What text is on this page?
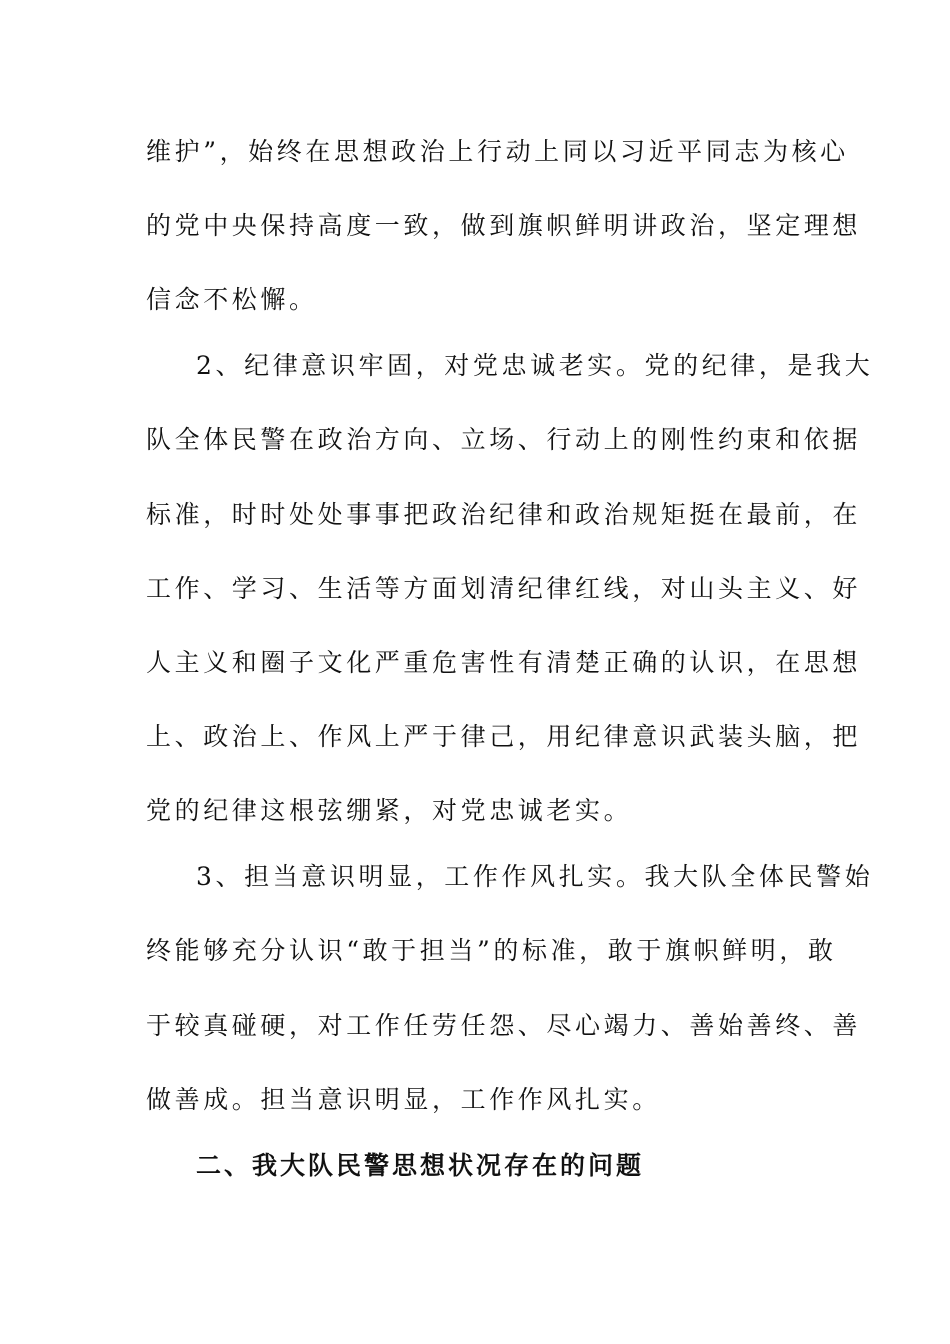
维护”，始终在思想政治上行动上同以习近平同志为核心
的党中央保持高度一致，做到旗帜鲜明讲政治，坚定理想
信念不松懈。
2、纪律意识牢固，对党忠诚老实。党的纪律，是我大
队全体民警在政治方向、立场、行动上的刚性约束和依据
标准，时时处处事事把政治纪律和政治规矩挺在最前，在
工作、学习、生活等方面划清纪律红线，对山头主义、好
人主义和圈子文化严重危害性有清楚正确的认识，在思想
上、政治上、作风上严于律己，用纪律意识武装头脑，把
党的纪律这根弦绷紧，对党忠诚老实。
3、担当意识明显，工作作风扎实。我大队全体民警始
终能够充分认识“敢于担当”的标准，敢于旗帜鲜明，敢
于较真碰硬，对工作任劳任怨、尽心竭力、善始善终、善
做善成。担当意识明显，工作作风扎实。
二、我大队民警思想状况存在的问题
